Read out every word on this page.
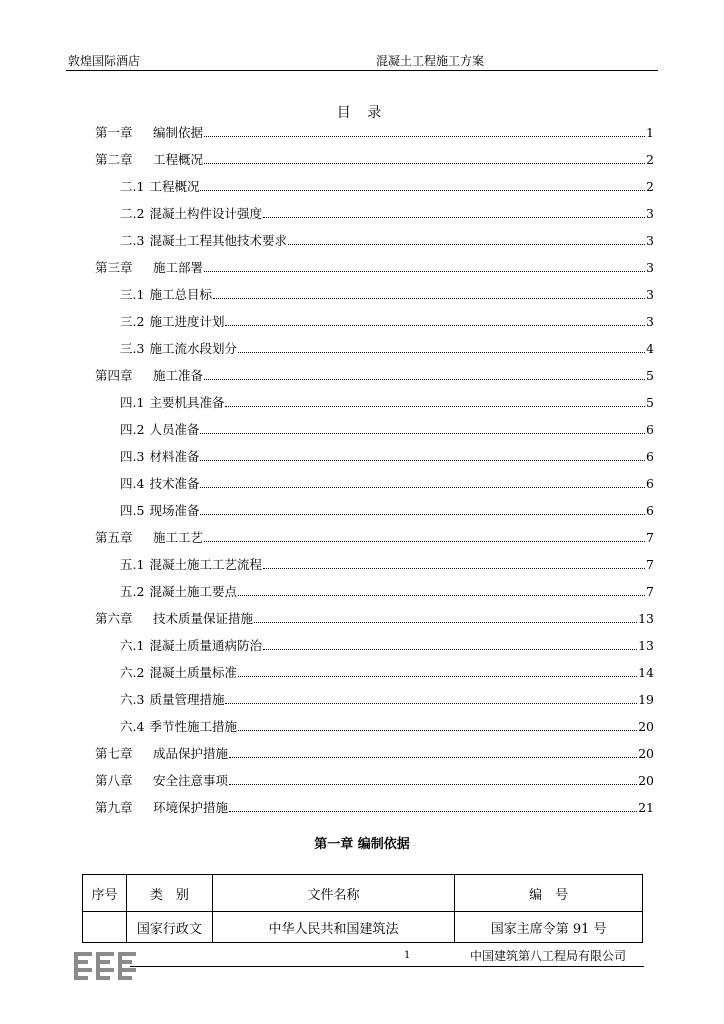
敦煌国际酒店	混凝土工程施工方案
目 录
第一章	编制依据	1
第二章	工程概况	2
二.1 工程概况	2
二.2 混凝土构件设计强度	3
二.3 混凝土工程其他技术要求	3
第三章	施工部署	3
三.1 施工总目标	3
三.2 施工进度计划	3
三.3 施工流水段划分	4
第四章	施工准备	5
四.1 主要机具准备	5
四.2 人员准备	6
四.3 材料准备	6
四.4 技术准备	6
四.5 现场准备	6
第五章	施工工艺	7
五.1 混凝土施工工艺流程	7
五.2 混凝土施工要点	7
第六章	技术质量保证措施	13
六.1 混凝土质量通病防治	13
六.2 混凝土质量标准	14
六.3 质量管理措施	19
六.4 季节性施工措施	20
第七章	成品保护措施	20
第八章	安全注意事项	20
第九章	环境保护措施	21
第一章 编制依据
序号	类　别	文件名称	编　号
	国家行政文	中华人民共和国建筑法	国家主席令第 91 号
1	中国建筑第八工程局有限公司
